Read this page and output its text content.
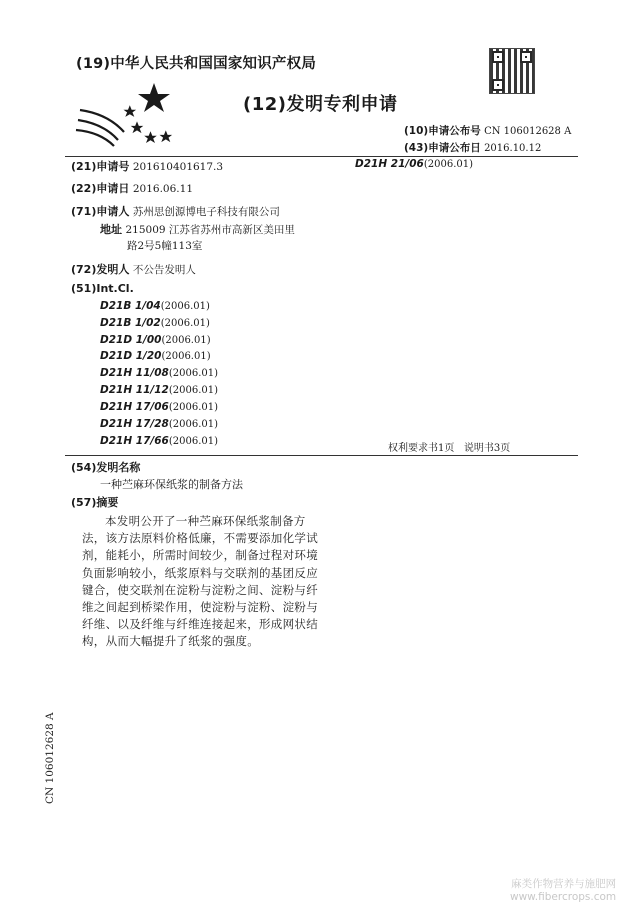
(19)中华人民共和国国家知识产权局
(12)发明专利申请
(10)申请公布号 CN 106012628 A
(43)申请公布日 2016.10.12
(21)申请号 201610401617.3	D21H 21/06(2006.01)
(22)申请日 2016.06.11
(71)申请人 苏州思创源博电子科技有限公司
地址 215009 江苏省苏州市高新区美田里
路2号5幢113室
(72)发明人 不公告发明人
(51)Int.Cl.
D21B 1/04(2006.01)
D21B 1/02(2006.01)
D21D 1/00(2006.01)
D21D 1/20(2006.01)
D21H 11/08(2006.01)
D21H 11/12(2006.01)
D21H 17/06(2006.01)
D21H 17/28(2006.01)
D21H 17/66(2006.01)
权利要求书1页   说明书3页
(54)发明名称
一种苎麻环保纸浆的制备方法
(57)摘要
本发明公开了一种苎麻环保纸浆制备方法，该方法原料价格低廉，不需要添加化学试剂，能耗小，所需时间较少，制备过程对环境负面影响较小，纸浆原料与交联剂的基团反应键合，使交联剂在淀粉与淀粉之间、淀粉与纤维之间起到桥梁作用，使淀粉与淀粉、淀粉与纤维、以及纤维与纤维连接起来，形成网状结构，从而大幅提升了纸浆的强度。
CN 106012628 A
麻类作物营养与施肥网
www.fibercrops.com
